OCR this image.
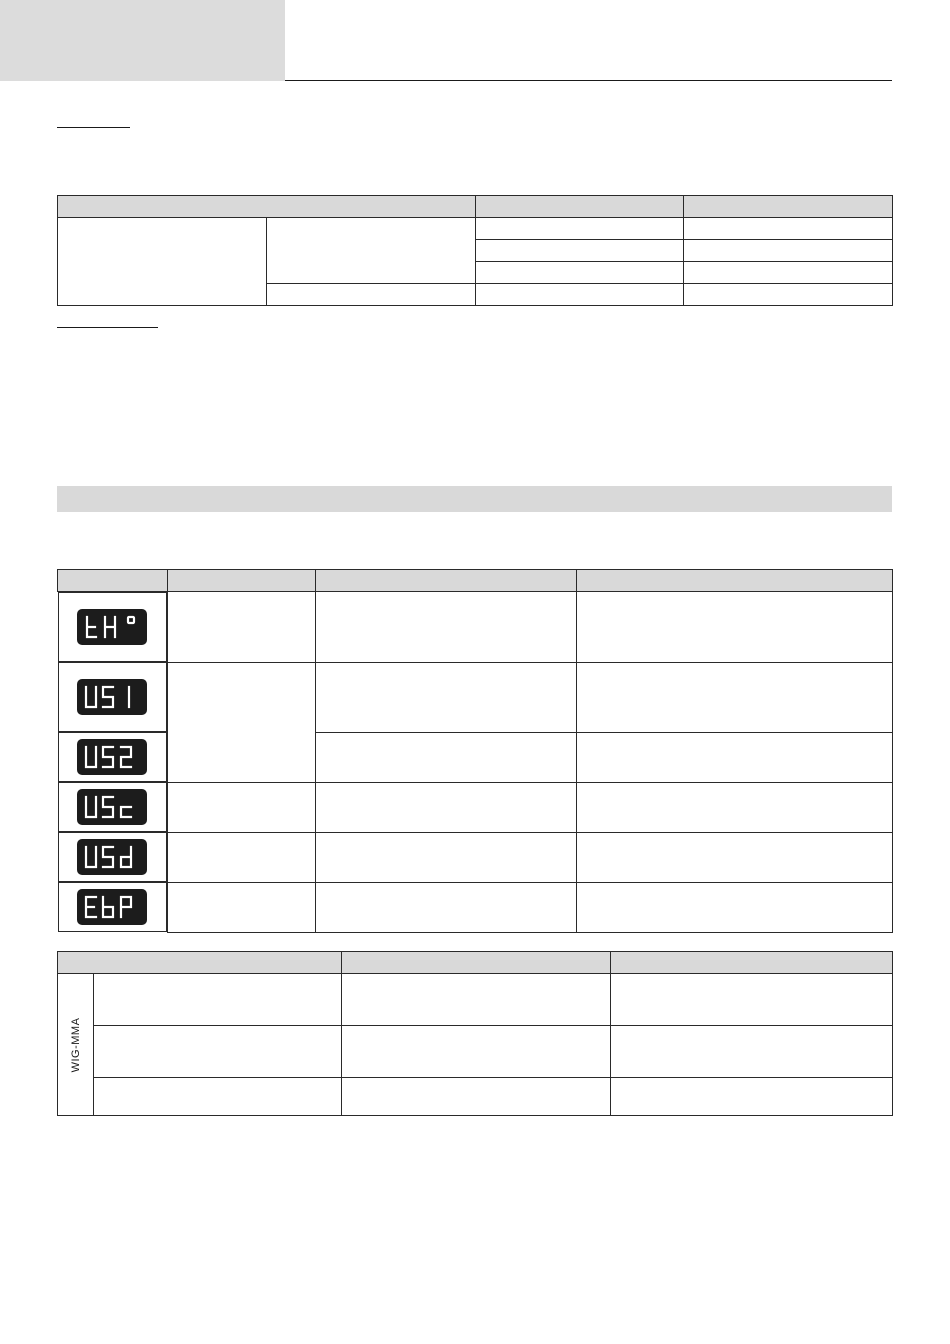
WIG-MMA			
